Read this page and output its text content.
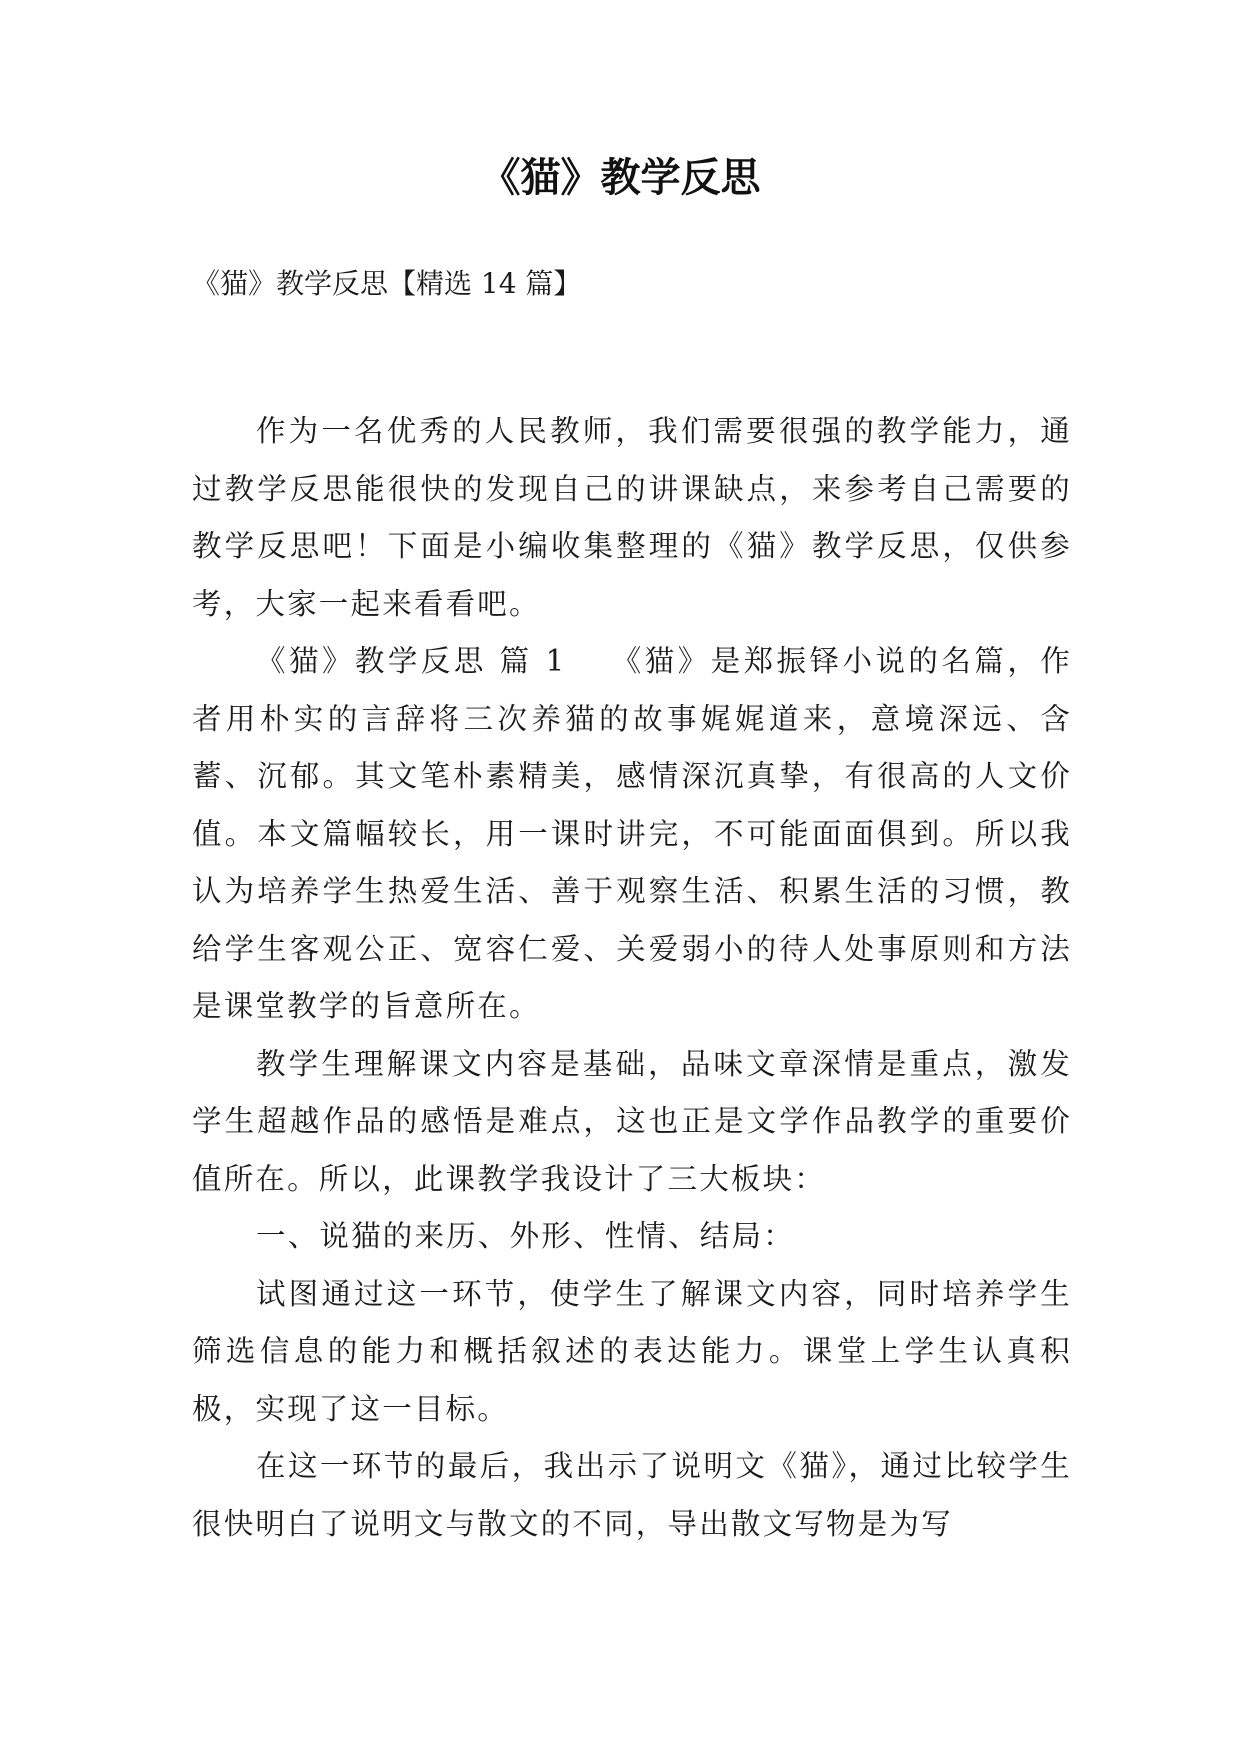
《猫》教学反思

《猫》教学反思【精选 14 篇】

作为一名优秀的人民教师，我们需要很强的教学能力，通过教学反思能很快的发现自己的讲课缺点，来参考自己需要的教学反思吧！下面是小编收集整理的《猫》教学反思，仅供参考，大家一起来看看吧。

《猫》教学反思 篇 1 《猫》是郑振铎小说的名篇，作者用朴实的言辞将三次养猫的故事娓娓道来，意境深远、含蓄、沉郁。其文笔朴素精美，感情深沉真挚，有很高的人文价值。本文篇幅较长，用一课时讲完，不可能面面俱到。所以我认为培养学生热爱生活、善于观察生活、积累生活的习惯，教给学生客观公正、宽容仁爱、关爱弱小的待人处事原则和方法是课堂教学的旨意所在。

教学生理解课文内容是基础，品味文章深情是重点，激发学生超越作品的感悟是难点，这也正是文学作品教学的重要价值所在。所以，此课教学我设计了三大板块：

一、说猫的来历、外形、性情、结局：

试图通过这一环节，使学生了解课文内容，同时培养学生筛选信息的能力和概括叙述的表达能力。课堂上学生认真积极，实现了这一目标。

在这一环节的最后，我出示了说明文《猫》，通过比较学生很快明白了说明文与散文的不同，导出散文写物是为写
